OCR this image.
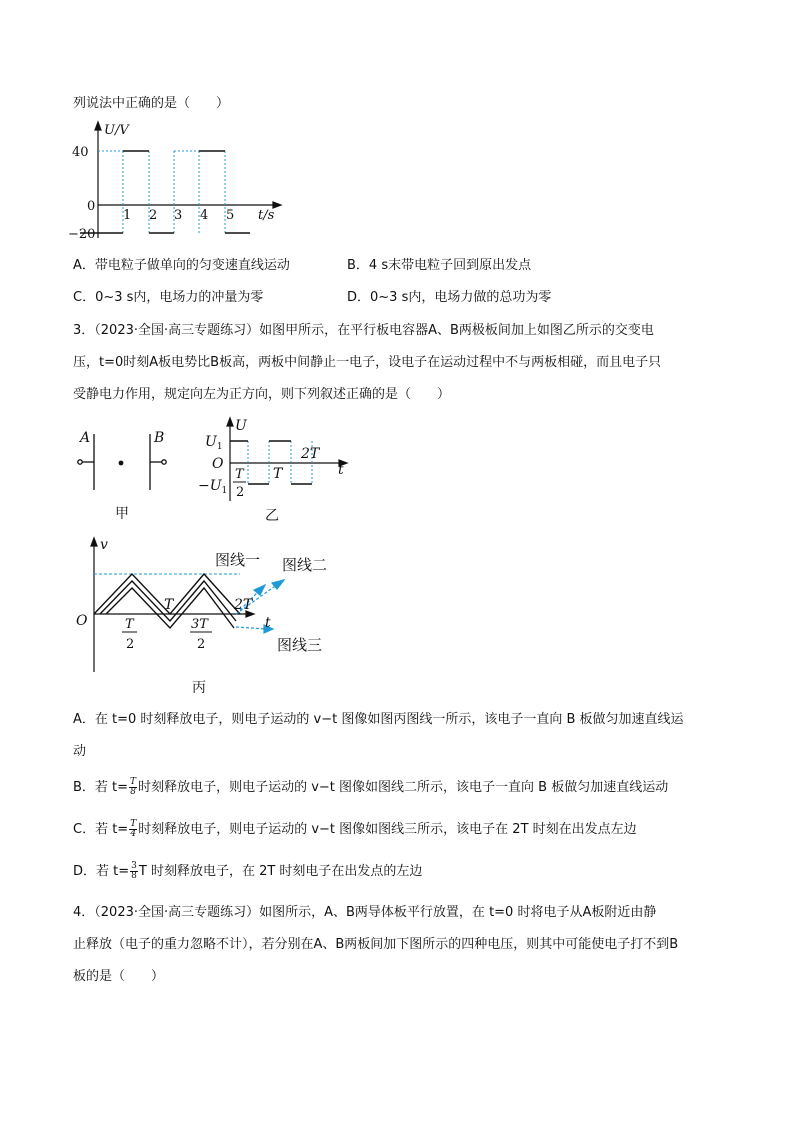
列说法中正确的是（　　）
U/V
40
0
−20
1 2 3 4 5 t/s
A．带电粒子做单向的匀变速直线运动	B．4 s末带电粒子回到原出发点
C．0~3 s内，电场力的冲量为零	D．0~3 s内，电场力做的总功为零
3．（2023·全国·高三专题练习）如图甲所示，在平行板电容器A、B两极板间加上如图乙所示的交变电
压，t=0时刻A板电势比B板高，两板中间静止一电子，设电子在运动过程中不与两板相碰，而且电子只
受静电力作用，规定向左为正方向，则下列叙述正确的是（　　）
A	B
甲
U
$U_1$
O
$-U_1$
T
2
T
2T
t
乙
v
O	T
2
T
3T
2
2T
t
图线一 图线二
图线三
丙
A．在 t=0 时刻释放电子，则电子运动的 v−t 图像如图丙图线一所示，该电子一直向 B 板做匀加速直线运
动
B．若 $t= \frac{T}{8}$ 时刻释放电子，则电子运动的 v−t 图像如图线二所示，该电子一直向 B 板做匀加速直线运动
C．若 $t= \frac{T}{4}$ 时刻释放电子，则电子运动的 v−t 图像如图线三所示，该电子在 2T 时刻在出发点左边
D．若 $t= \frac{3}{8}$ T 时刻释放电子，在 2T 时刻电子在出发点的左边
4．（2023·全国·高三专题练习）如图所示，A、B两导体板平行放置，在 t=0 时将电子从A板附近由静
止释放（电子的重力忽略不计），若分别在A、B两板间加下图所示的四种电压，则其中可能使电子打不到B
板的是（　　）
